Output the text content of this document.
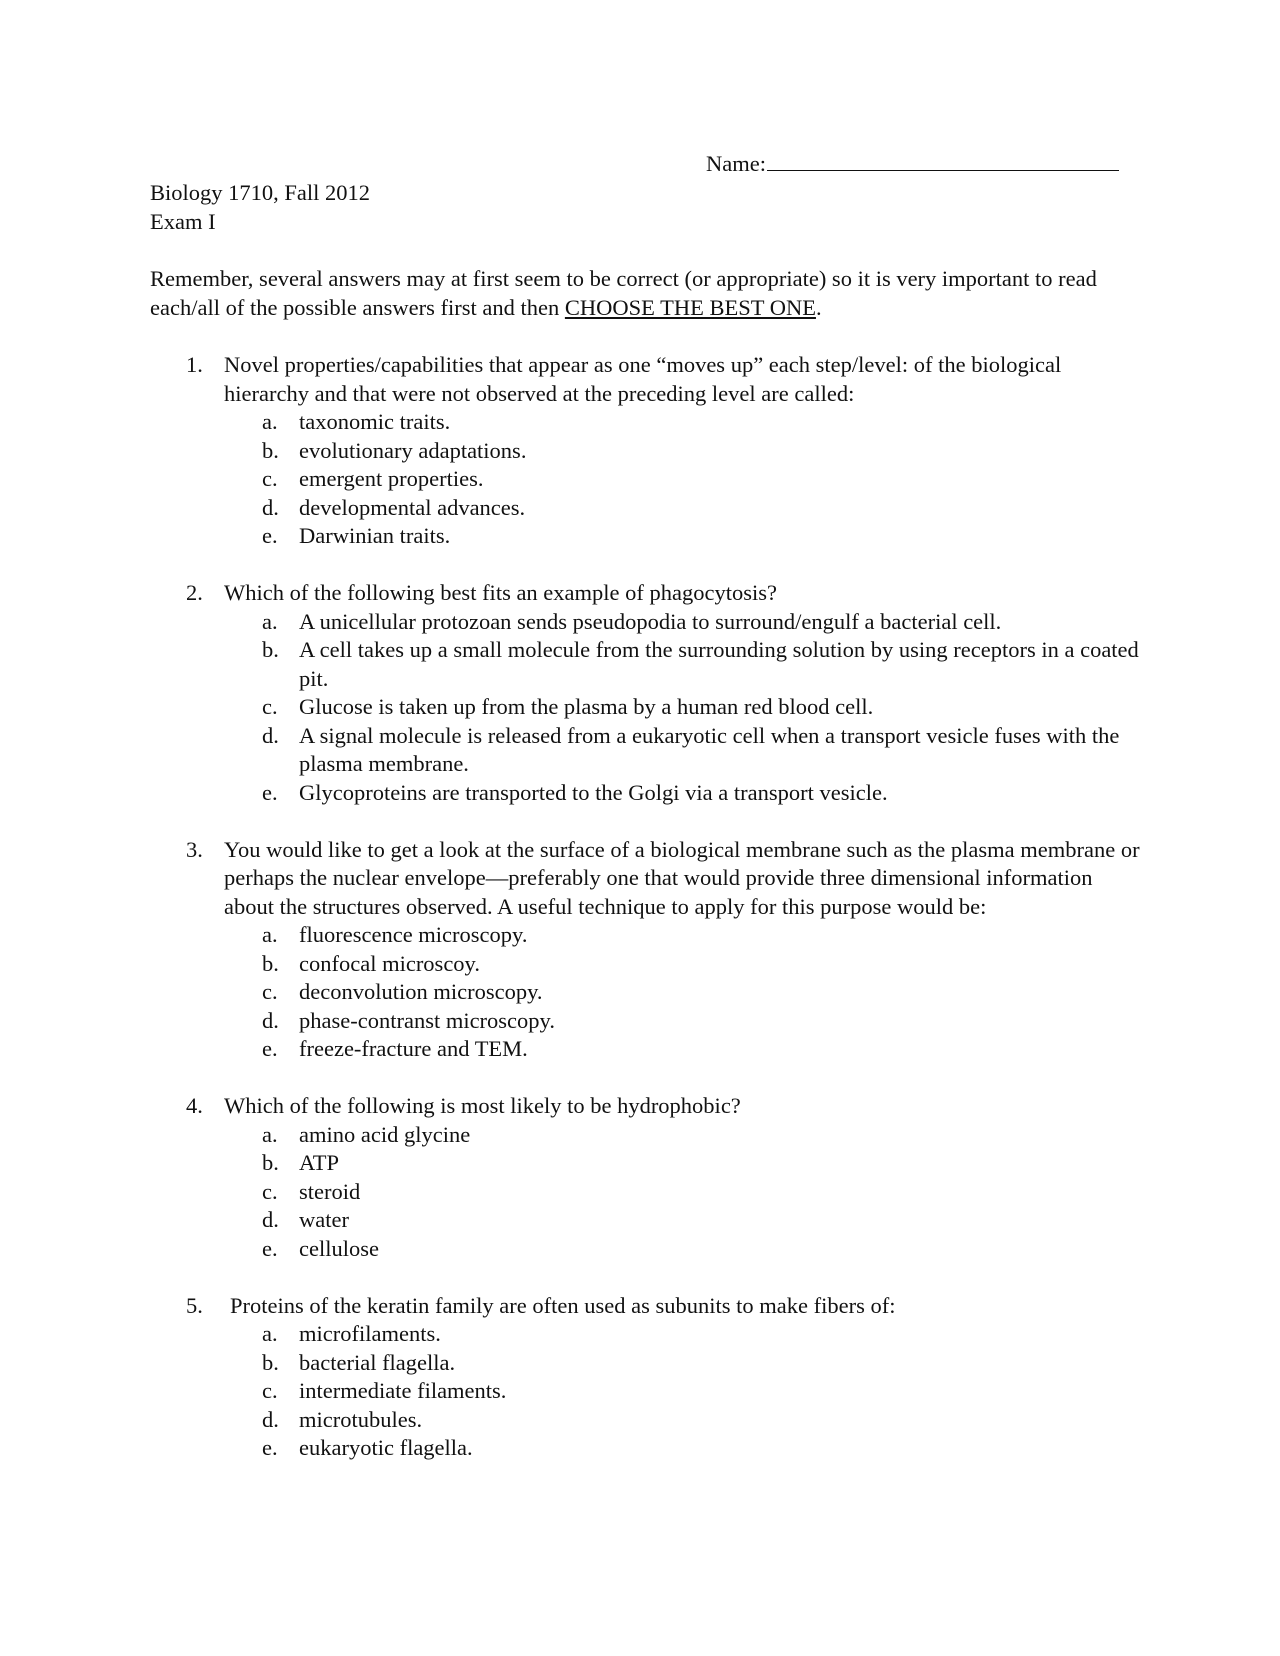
Name:
Biology 1710, Fall 2012
Exam I
Remember, several answers may at first seem to be correct (or appropriate) so it is very important to read each/all of the possible answers first and then CHOOSE THE BEST ONE.
1. Novel properties/capabilities that appear as one “moves up” each step/level: of the biological hierarchy and that were not observed at the preceding level are called:
a. taxonomic traits.
b. evolutionary adaptations.
c. emergent properties.
d. developmental advances.
e. Darwinian traits.
2. Which of the following best fits an example of phagocytosis?
a. A unicellular protozoan sends pseudopodia to surround/engulf a bacterial cell.
b. A cell takes up a small molecule from the surrounding solution by using receptors in a coated pit.
c. Glucose is taken up from the plasma by a human red blood cell.
d. A signal molecule is released from a eukaryotic cell when a transport vesicle fuses with the plasma membrane.
e. Glycoproteins are transported to the Golgi via a transport vesicle.
3. You would like to get a look at the surface of a biological membrane such as the plasma membrane or perhaps the nuclear envelope—preferably one that would provide three dimensional information about the structures observed. A useful technique to apply for this purpose would be:
a. fluorescence microscopy.
b. confocal microscoy.
c. deconvolution microscopy.
d. phase-contranst microscopy.
e. freeze-fracture and TEM.
4. Which of the following is most likely to be hydrophobic?
a. amino acid glycine
b. ATP
c. steroid
d. water
e. cellulose
5. Proteins of the keratin family are often used as subunits to make fibers of:
a. microfilaments.
b. bacterial flagella.
c. intermediate filaments.
d. microtubules.
e. eukaryotic flagella.
